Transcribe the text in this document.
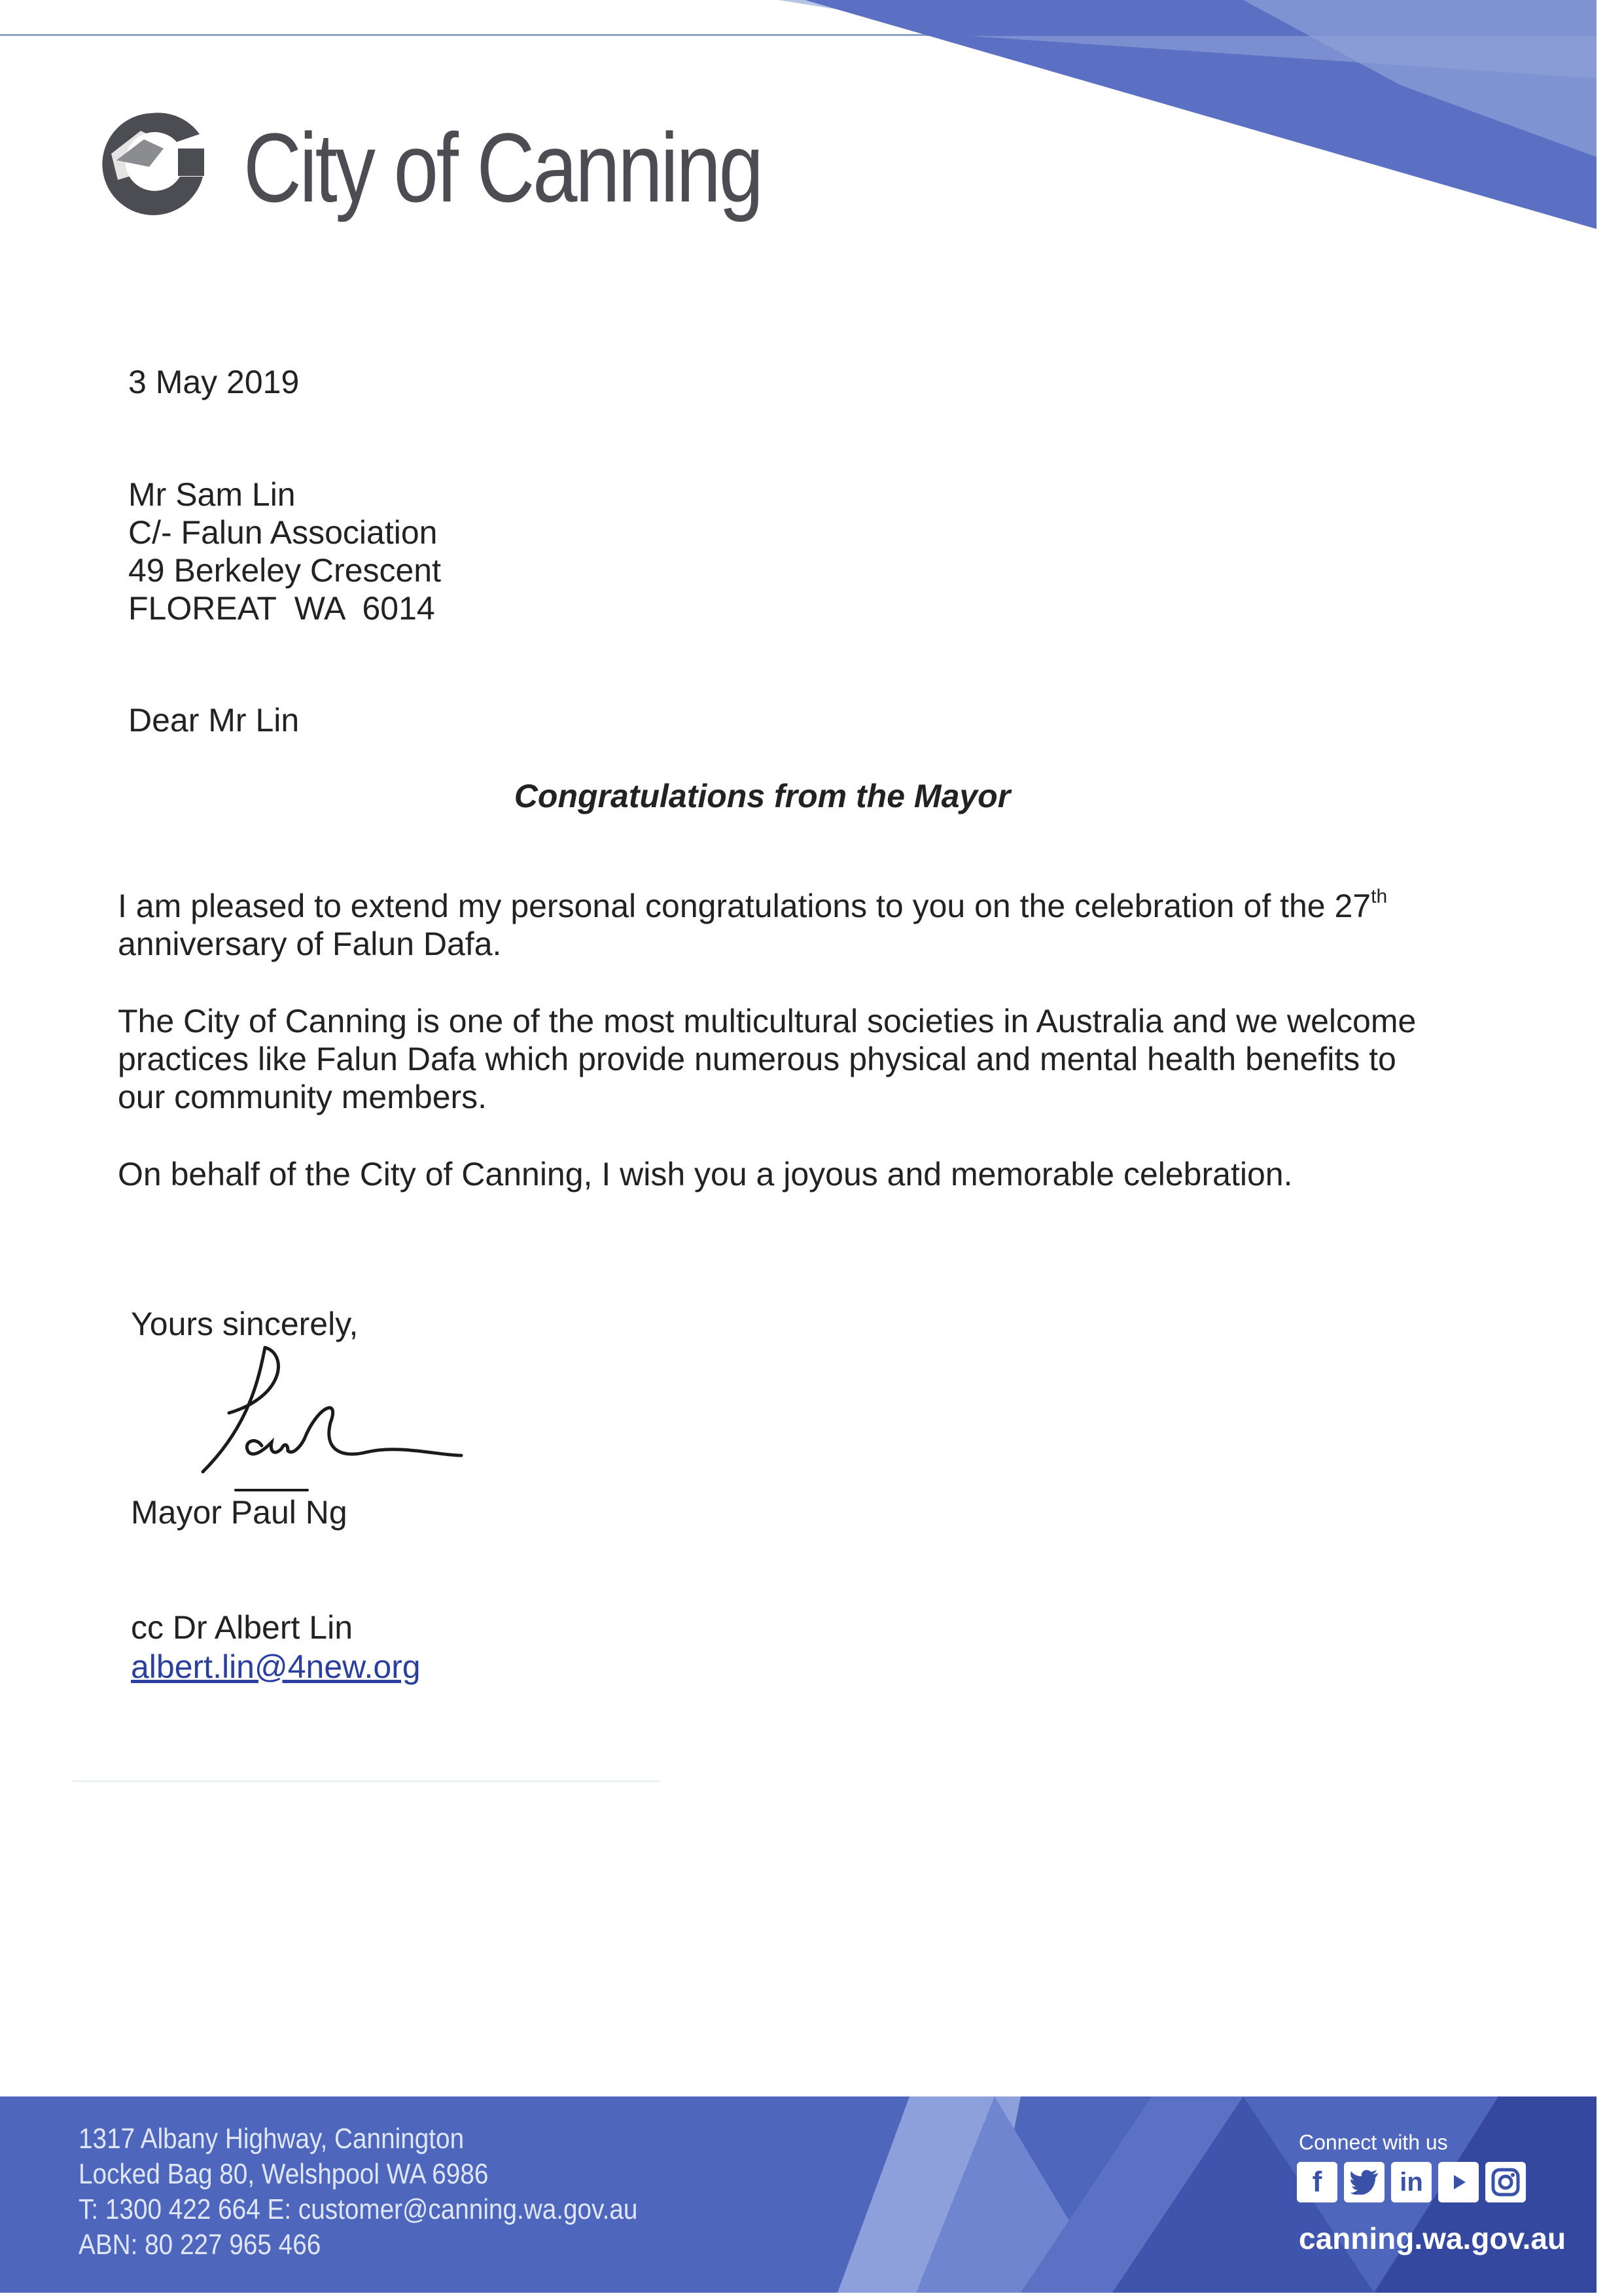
City of Canning
3 May 2019
Mr Sam Lin
C/- Falun Association
49 Berkeley Crescent
FLOREAT  WA  6014
Dear Mr Lin
Congratulations from the Mayor
I am pleased to extend my personal congratulations to you on the celebration of the 27th
anniversary of Falun Dafa.
The City of Canning is one of the most multicultural societies in Australia and we welcome practices like Falun Dafa which provide numerous physical and mental health benefits to our community members.
On behalf of the City of Canning, I wish you a joyous and memorable celebration.
Yours sincerely,
Mayor Paul Ng
cc Dr Albert Lin
albert.lin@4new.org
1317 Albany Highway, Cannington
Locked Bag 80, Welshpool WA 6986
T: 1300 422 664 E: customer@canning.wa.gov.au
ABN: 80 227 965 466
Connect with us
f	in
canning.wa.gov.au
